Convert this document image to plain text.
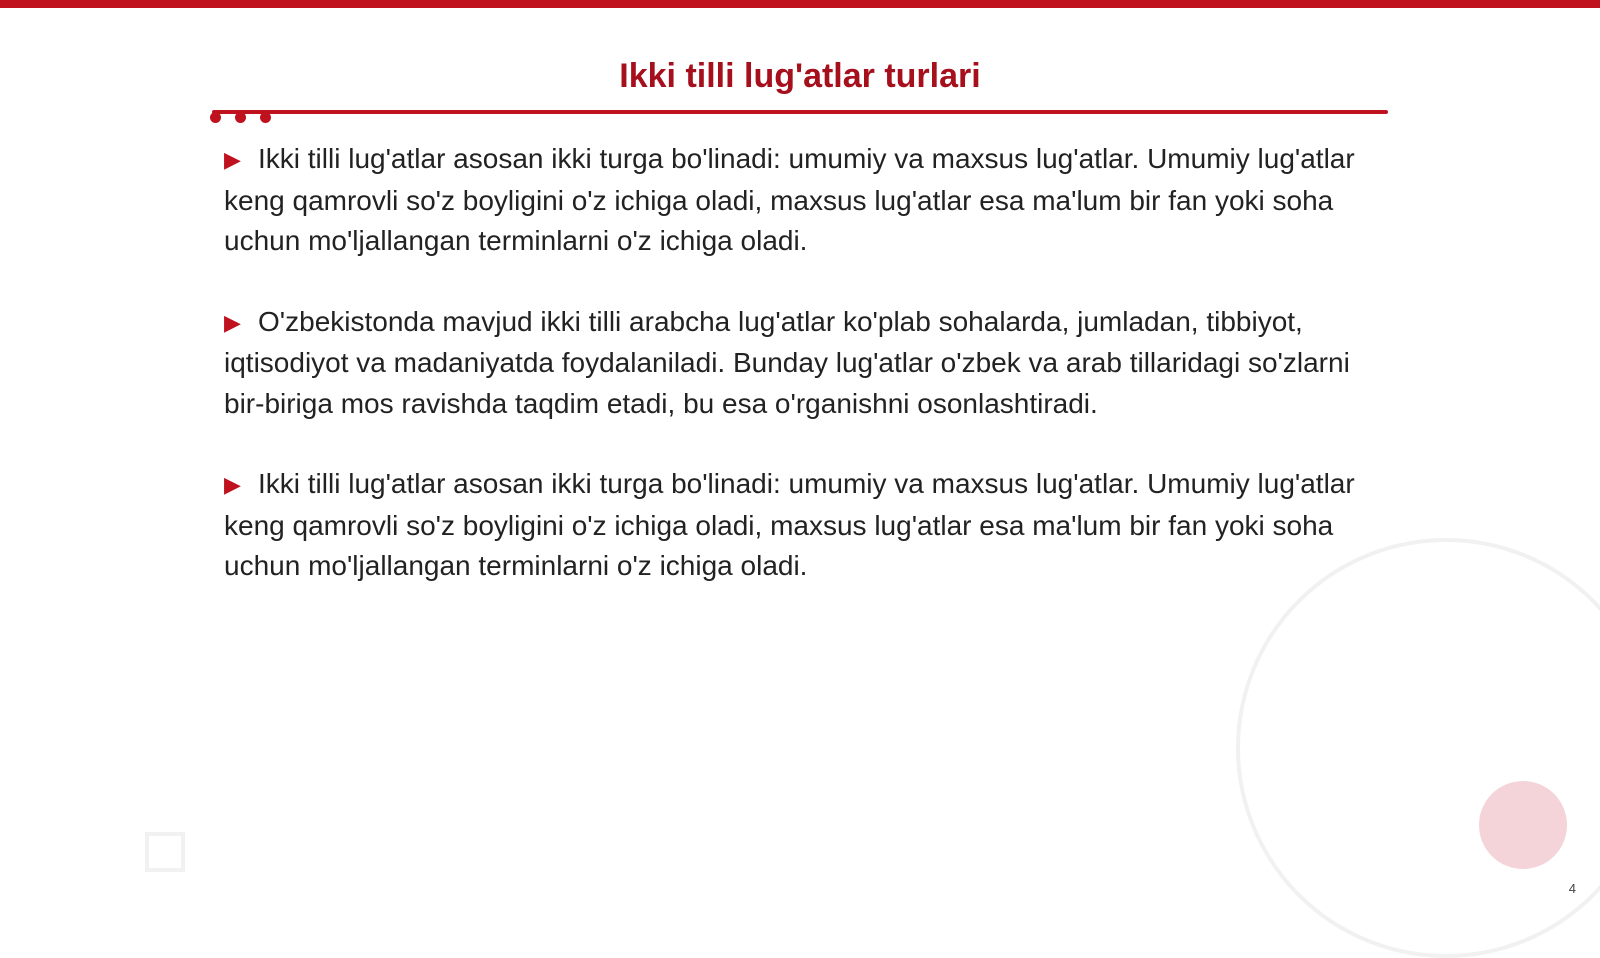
Ikki tilli lug'atlar turlari

▶ Ikki tilli lug'atlar asosan ikki turga bo'linadi: umumiy va maxsus lug'atlar. Umumiy lug'atlar keng qamrovli so'z boyligini o'z ichiga oladi, maxsus lug'atlar esa ma'lum bir fan yoki soha uchun mo'ljallangan terminlarni o'z ichiga oladi.

▶ O'zbekistonda mavjud ikki tilli arabcha lug'atlar ko'plab sohalarda, jumladan, tibbiyot, iqtisodiyot va madaniyatda foydalaniladi. Bunday lug'atlar o'zbek va arab tillaridagi so'zlarni bir-biriga mos ravishda taqdim etadi, bu esa o'rganishni osonlashtiradi.

▶ Ikki tilli lug'atlar asosan ikki turga bo'linadi: umumiy va maxsus lug'atlar. Umumiy lug'atlar keng qamrovli so'z boyligini o'z ichiga oladi, maxsus lug'atlar esa ma'lum bir fan yoki soha uchun mo'ljallangan terminlarni o'z ichiga oladi.

4
